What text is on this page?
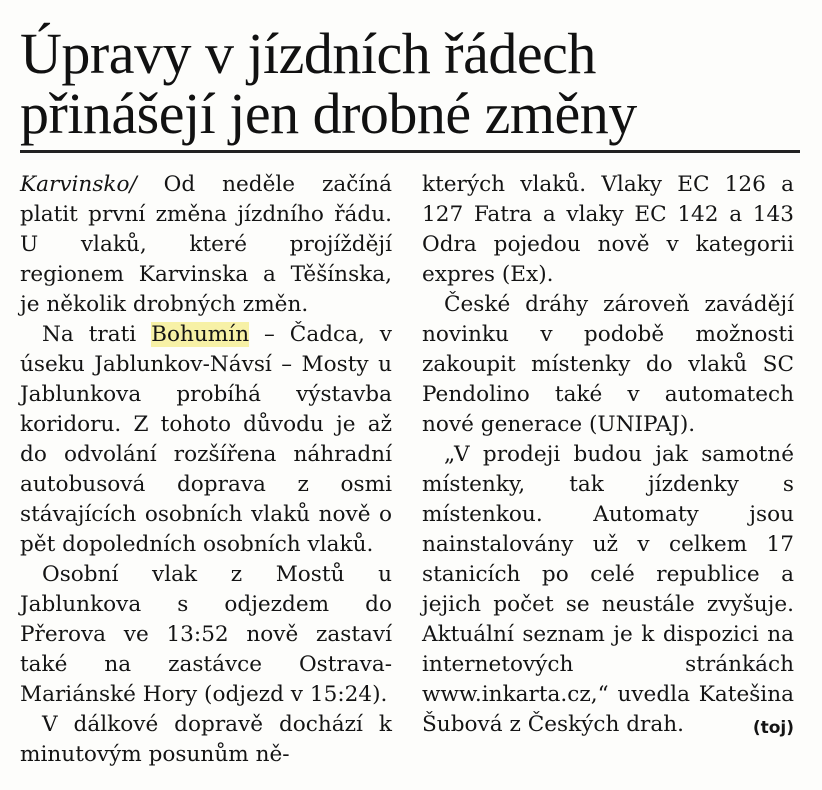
Úpravy v jízdních řádech
přinášejí jen drobné změny

Karvinsko/ Od neděle začíná platit první změna jízdního řádu. U vlaků, které projíždějí regionem Karvinska a Těšínska, je několik drobných změn.

Na trati Bohumín – Čadca, v úseku Jablunkov-Návsí – Mosty u Jablunkova probíhá výstavba koridoru. Z tohoto důvodu je až do odvolání rozšířena náhradní autobusová doprava z osmi stávajících osobních vlaků nově o pět dopoledních osobních vlaků.

Osobní vlak z Mostů u Jablunkova s odjezdem do Přerova ve 13:52 nově zastaví také na zastávce Ostrava-Mariánské Hory (odjezd v 15:24).

V dálkové dopravě dochází k minutovým posunům ně-

kterých vlaků. Vlaky EC 126 a 127 Fatra a vlaky EC 142 a 143 Odra pojedou nově v kategorii expres (Ex).

České dráhy zároveň zavádějí novinku v podobě možnosti zakoupit místenky do vlaků SC Pendolino také v automatech nové generace (UNIPAJ).

„V prodeji budou jak samotné místenky, tak jízdenky s místenkou. Automaty jsou nainstalovány už v celkem 17 stanicích po celé republice a jejich počet se neustále zvyšuje. Aktuální seznam je k dispozici na internetových stránkách www.inkarta.cz,“ uvedla Katešina Šubová z Českých drah.	(toj)
